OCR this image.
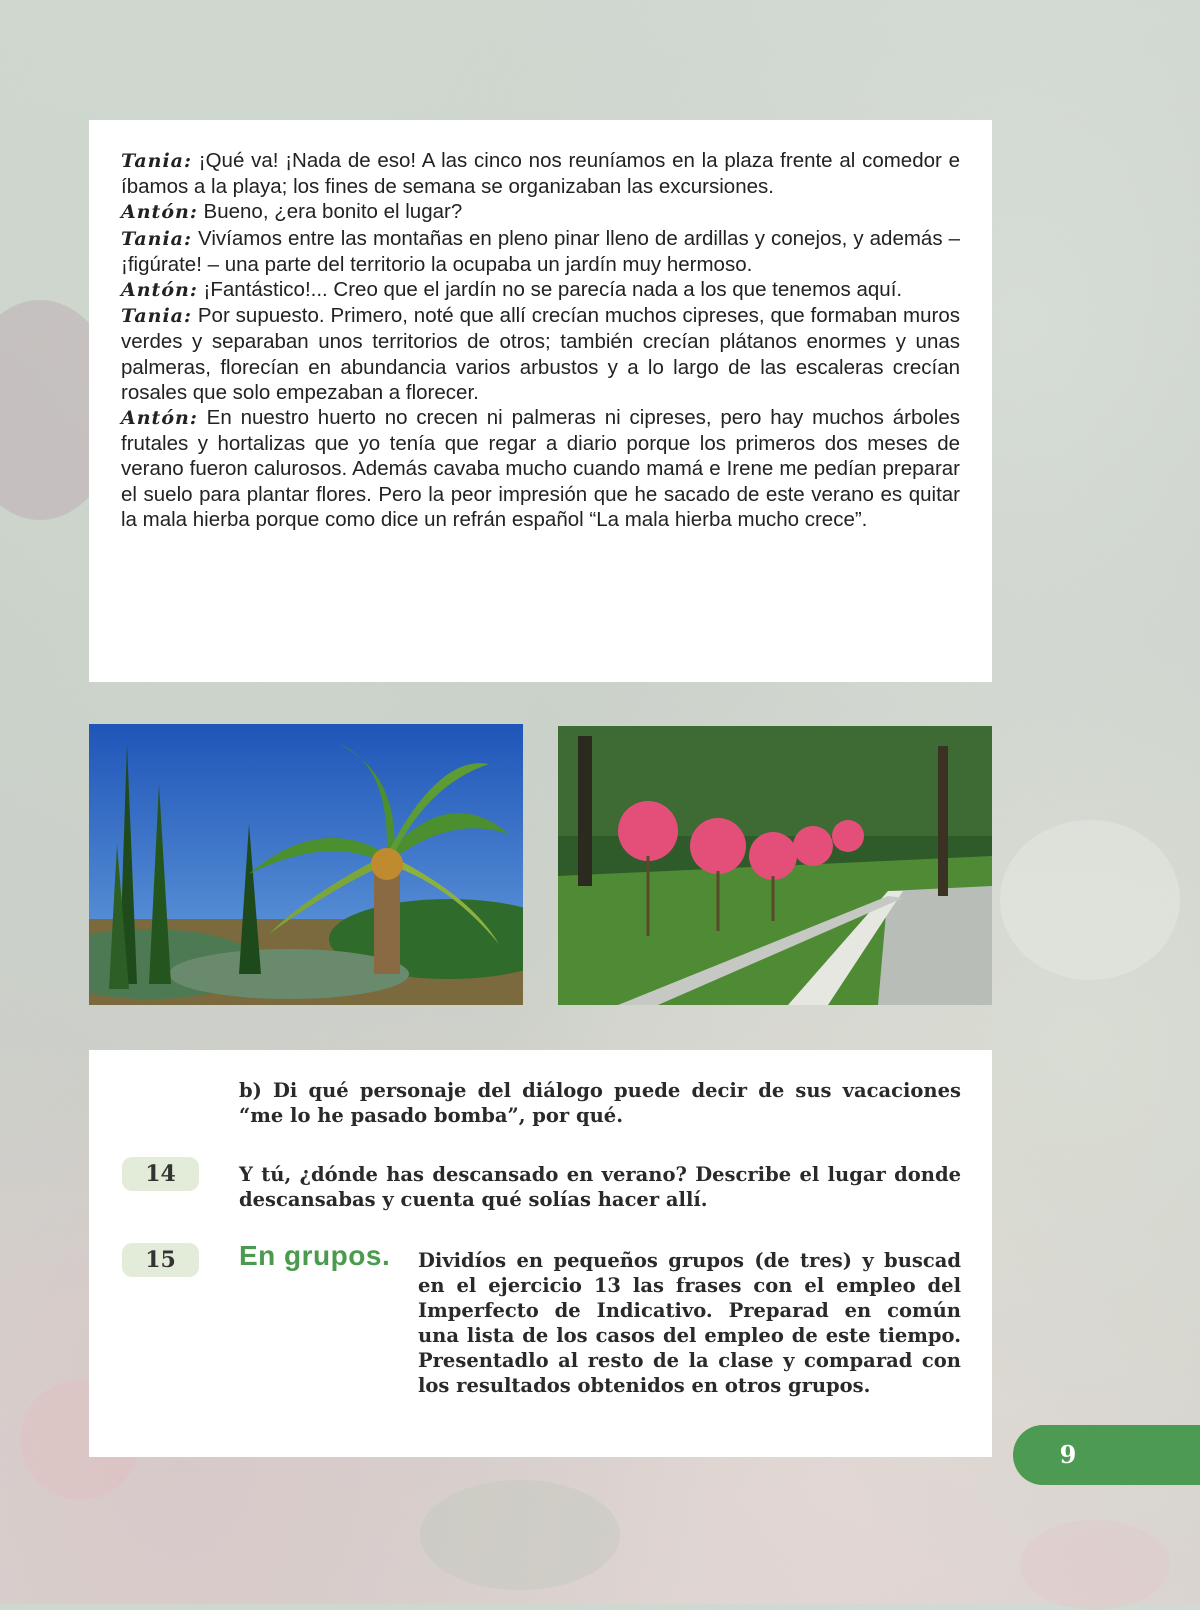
Tania: ¡Qué va! ¡Nada de eso! A las cinco nos reuníamos en la plaza frente al comedor e íbamos a la playa; los fines de semana se organizaban las excursiones.
Antón: Bueno, ¿era bonito el lugar?
Tania: Vivíamos entre las montañas en pleno pinar lleno de ardillas y conejos, y además – ¡figúrate! – una parte del territorio la ocupaba un jardín muy hermoso.
Antón: ¡Fantástico!... Creo que el jardín no se parecía nada a los que tenemos aquí.
Tania: Por supuesto. Primero, noté que allí crecían muchos cipreses, que formaban muros verdes y separaban unos territorios de otros; también crecían plátanos enormes y unas palmeras, florecían en abundancia varios arbustos y a lo largo de las escaleras crecían rosales que solo empezaban a florecer.
Antón: En nuestro huerto no crecen ni palmeras ni cipreses, pero hay muchos árboles frutales y hortalizas que yo tenía que regar a diario porque los primeros dos meses de verano fueron calurosos. Además cavaba mucho cuando mamá e Irene me pedían preparar el suelo para plantar flores. Pero la peor impresión que he sacado de este verano es quitar la mala hierba porque como dice un refrán español “La mala hierba mucho crece”.
b) Di qué personaje del diálogo puede decir de sus vacaciones “me lo he pasado bomba”, por qué.
14	Y tú, ¿dónde has descansado en verano? Describe el lugar donde descansabas y cuenta qué solías hacer allí.
15	En grupos. Dividíos en pequeños grupos (de tres) y buscad en el ejercicio 13 las frases con el empleo del Imperfecto de Indicativo. Preparad en común una lista de los casos del empleo de este tiempo. Presentadlo al resto de la clase y comparad con los resultados obtenidos en otros grupos.
9
